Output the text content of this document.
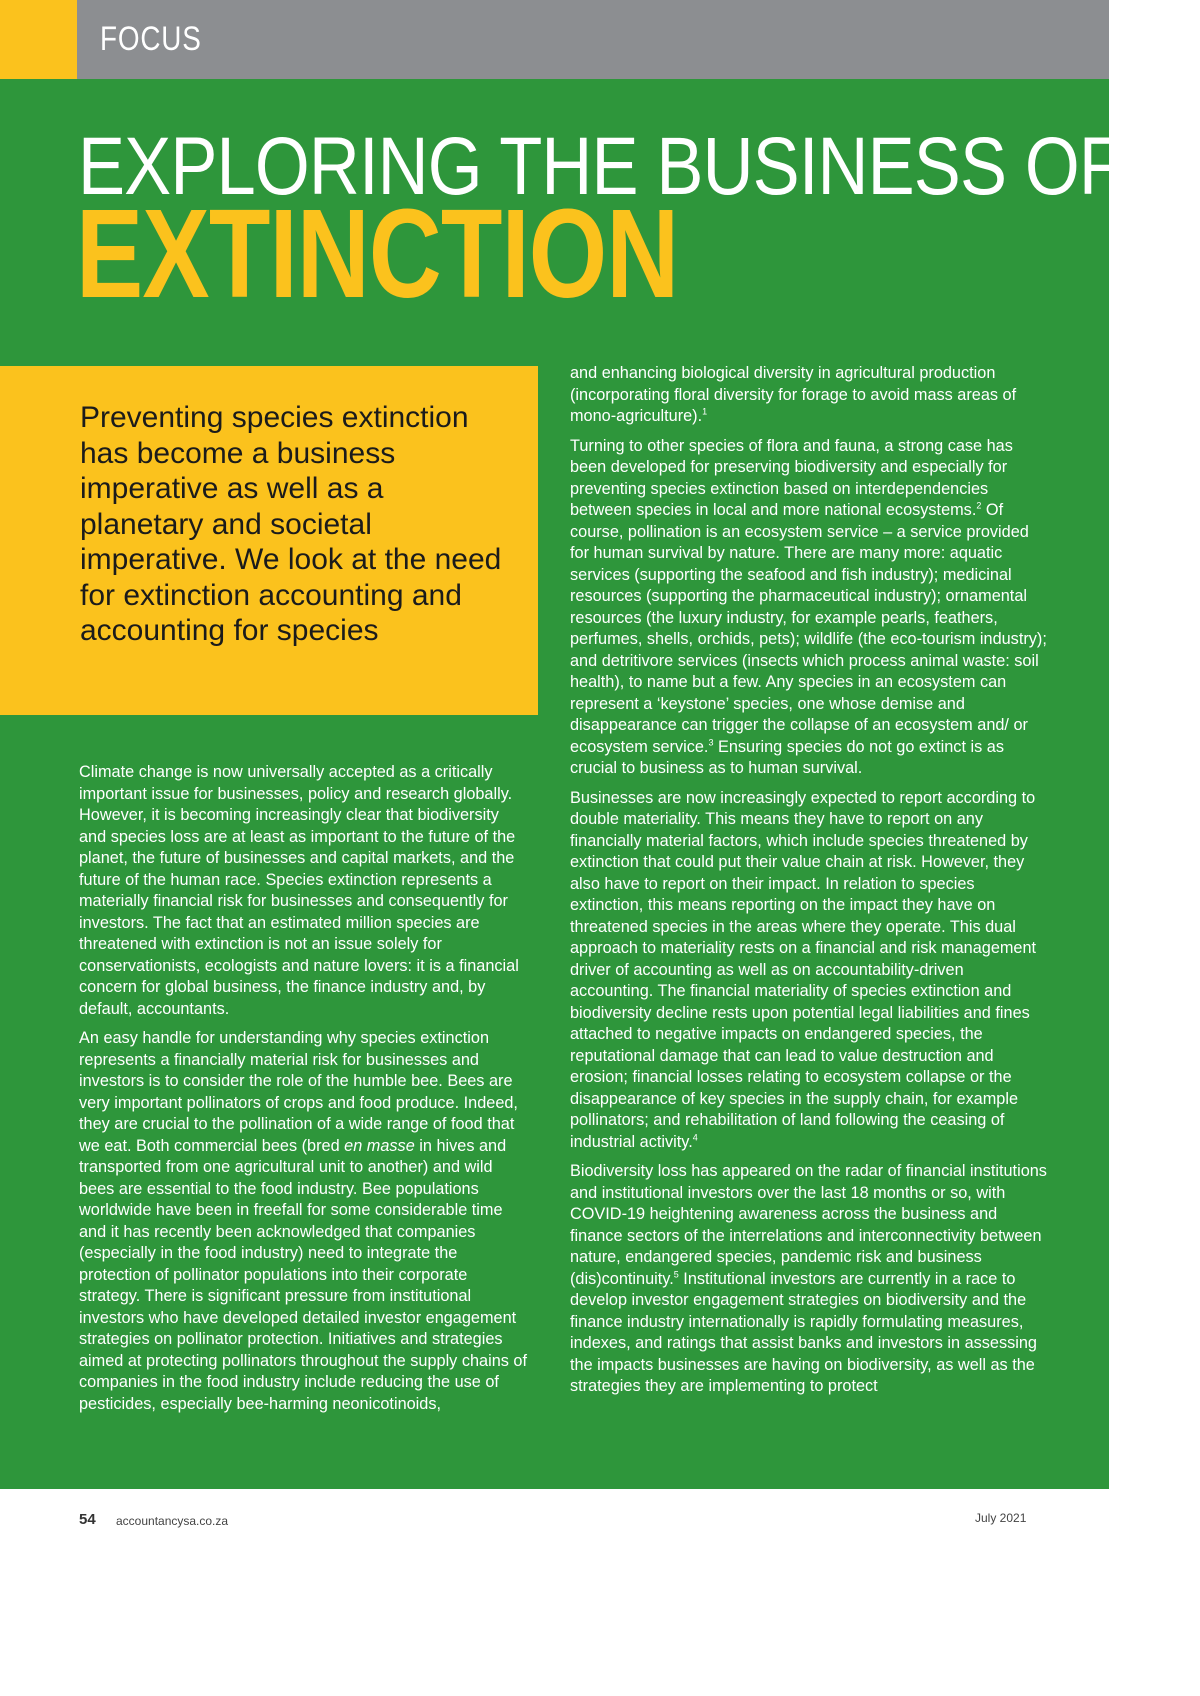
FOCUS
EXPLORING THE BUSINESS OF
EXTINCTION
Preventing species extinction has become a business imperative as well as a planetary and societal imperative. We look at the need for extinction accounting and accounting for species

Climate change is now universally accepted as a critically important issue for businesses, policy and research globally. However, it is becoming increasingly clear that biodiversity and species loss are at least as important to the future of the planet, the future of businesses and capital markets, and the future of the human race. Species extinction represents a materially financial risk for businesses and consequently for investors. The fact that an estimated million species are threatened with extinction is not an issue solely for conservationists, ecologists and nature lovers: it is a financial concern for global business, the finance industry and, by default, accountants.

An easy handle for understanding why species extinction represents a financially material risk for businesses and investors is to consider the role of the humble bee. Bees are very important pollinators of crops and food produce. Indeed, they are crucial to the pollination of a wide range of food that we eat. Both commercial bees (bred en masse in hives and transported from one agricultural unit to another) and wild bees are essential to the food industry. Bee populations worldwide have been in freefall for some considerable time and it has recently been acknowledged that companies (especially in the food industry) need to integrate the protection of pollinator populations into their corporate strategy. There is significant pressure from institutional investors who have developed detailed investor engagement strategies on pollinator protection. Initiatives and strategies aimed at protecting pollinators throughout the supply chains of companies in the food industry include reducing the use of pesticides, especially bee-harming neonicotinoids,

and enhancing biological diversity in agricultural production (incorporating floral diversity for forage to avoid mass areas of mono-agriculture).$^1$

Turning to other species of flora and fauna, a strong case has been developed for preserving biodiversity and especially for preventing species extinction based on interdependencies between species in local and more national ecosystems.$^2$ Of course, pollination is an ecosystem service – a service provided for human survival by nature. There are many more: aquatic services (supporting the seafood and fish industry); medicinal resources (supporting the pharmaceutical industry); ornamental resources (the luxury industry, for example pearls, feathers, perfumes, shells, orchids, pets); wildlife (the eco-tourism industry); and detritivore services (insects which process animal waste: soil health), to name but a few. Any species in an ecosystem can represent a ‘keystone’ species, one whose demise and disappearance can trigger the collapse of an ecosystem and/ or ecosystem service.$^3$ Ensuring species do not go extinct is as crucial to business as to human survival.

Businesses are now increasingly expected to report according to double materiality. This means they have to report on any financially material factors, which include species threatened by extinction that could put their value chain at risk. However, they also have to report on their impact. In relation to species extinction, this means reporting on the impact they have on threatened species in the areas where they operate. This dual approach to materiality rests on a financial and risk management driver of accounting as well as on accountability-driven accounting. The financial materiality of species extinction and biodiversity decline rests upon potential legal liabilities and fines attached to negative impacts on endangered species, the reputational damage that can lead to value destruction and erosion; financial losses relating to ecosystem collapse or the disappearance of key species in the supply chain, for example pollinators; and rehabilitation of land following the ceasing of industrial activity.$^4$

Biodiversity loss has appeared on the radar of financial institutions and institutional investors over the last 18 months or so, with COVID-19 heightening awareness across the business and finance sectors of the interrelations and interconnectivity between nature, endangered species, pandemic risk and business (dis)continuity.$^5$ Institutional investors are currently in a race to develop investor engagement strategies on biodiversity and the finance industry internationally is rapidly formulating measures, indexes, and ratings that assist banks and investors in assessing the impacts businesses are having on biodiversity, as well as the strategies they are implementing to protect

54 accountancysa.co.za	July 2021
